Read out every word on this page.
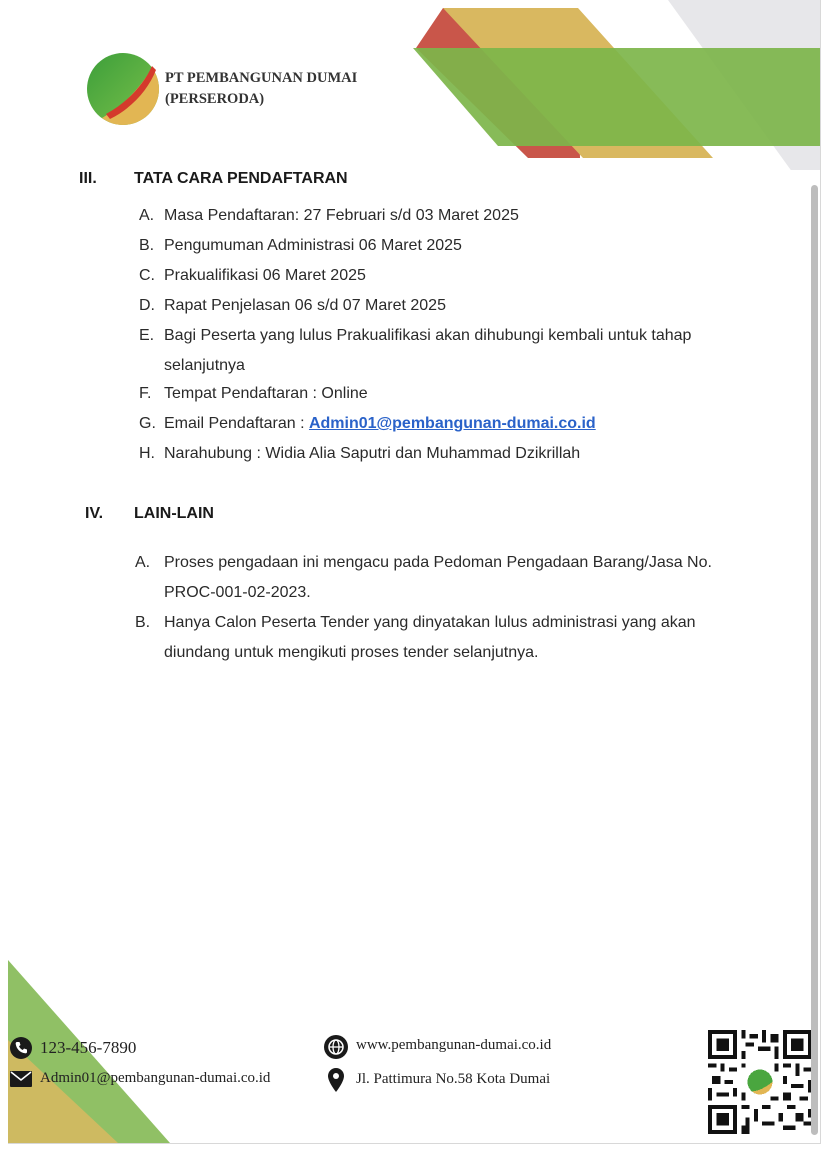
PT PEMBANGUNAN DUMAI
(PERSERODA)
III. TATA CARA PENDAFTARAN
A. Masa Pendaftaran: 27 Februari s/d 03 Maret 2025
B. Pengumuman Administrasi 06 Maret 2025
C. Prakualifikasi 06 Maret 2025
D. Rapat Penjelasan 06 s/d 07 Maret 2025
E. Bagi Peserta yang lulus Prakualifikasi akan dihubungi kembali untuk tahap selanjutnya
F. Tempat Pendaftaran : Online
G. Email Pendaftaran : Admin01@pembangunan-dumai.co.id
H. Narahubung : Widia Alia Saputri dan Muhammad Dzikrillah
IV. LAIN-LAIN
A. Proses pengadaan ini mengacu pada Pedoman Pengadaan Barang/Jasa No. PROC-001-02-2023.
B. Hanya Calon Peserta Tender yang dinyatakan lulus administrasi yang akan diundang untuk mengikuti proses tender selanjutnya.
123-456-7890
Admin01@pembangunan-dumai.co.id
www.pembangunan-dumai.co.id
Jl. Pattimura No.58 Kota Dumai
